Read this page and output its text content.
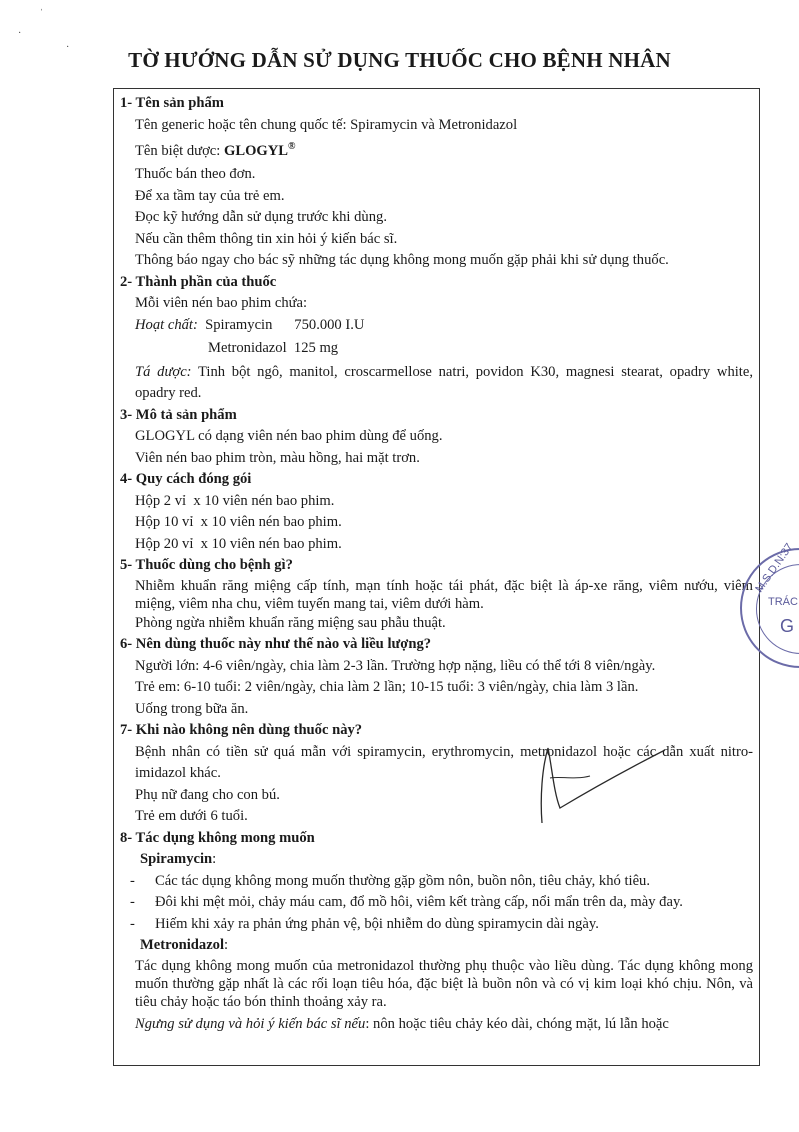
TỜ HƯỚNG DẪN SỬ DỤNG THUỐC CHO BỆNH NHÂN
1- Tên sản phẩm
Tên generic hoặc tên chung quốc tế: Spiramycin và Metronidazol
Tên biệt dược: GLOGYL®
Thuốc bán theo đơn.
Để xa tầm tay của trẻ em.
Đọc kỹ hướng dẫn sử dụng trước khi dùng.
Nếu cần thêm thông tin xin hỏi ý kiến bác sĩ.
Thông báo ngay cho bác sỹ những tác dụng không mong muốn gặp phải khi sử dụng thuốc.
2- Thành phần của thuốc
Mỗi viên nén bao phim chứa:
Hoạt chất: Spiramycin      750.000 I.U
Metronidazol  125 mg
Tá dược: Tinh bột ngô, manitol, croscarmellose natri, povidon K30, magnesi stearat, opadry white, opadry red.
3- Mô tả sản phẩm
GLOGYL có dạng viên nén bao phim dùng để uống.
Viên nén bao phim tròn, màu hồng, hai mặt trơn.
4- Quy cách đóng gói
Hộp 2 vỉ  x 10 viên nén bao phim.
Hộp 10 vỉ  x 10 viên nén bao phim.
Hộp 20 vỉ  x 10 viên nén bao phim.
5- Thuốc dùng cho bệnh gì?
Nhiễm khuẩn răng miệng cấp tính, mạn tính hoặc tái phát, đặc biệt là áp-xe răng, viêm nướu, viêm miệng, viêm nha chu, viêm tuyến mang tai, viêm dưới hàm.
Phòng ngừa nhiễm khuẩn răng miệng sau phẫu thuật.
6- Nên dùng thuốc này như thế nào và liều lượng?
Người lớn: 4-6 viên/ngày, chia làm 2-3 lần. Trường hợp nặng, liều có thể tới 8 viên/ngày.
Trẻ em: 6-10 tuổi: 2 viên/ngày, chia làm 2 lần; 10-15 tuổi: 3 viên/ngày, chia làm 3 lần.
Uống trong bữa ăn.
7- Khi nào không nên dùng thuốc này?
Bệnh nhân có tiền sử quá mẫn với spiramycin, erythromycin, metronidazol hoặc các dẫn xuất nitro-imidazol khác.
Phụ nữ đang cho con bú.
Trẻ em dưới 6 tuổi.
8- Tác dụng không mong muốn
Spiramycin:
- Các tác dụng không mong muốn thường gặp gồm nôn, buồn nôn, tiêu chảy, khó tiêu.
- Đôi khi mệt mỏi, chảy máu cam, đổ mồ hôi, viêm kết tràng cấp, nổi mẩn trên da, mày đay.
- Hiếm khi xảy ra phản ứng phản vệ, bội nhiễm do dùng spiramycin dài ngày.
Metronidazol:
Tác dụng không mong muốn của metronidazol thường phụ thuộc vào liều dùng. Tác dụng không mong muốn thường gặp nhất là các rối loạn tiêu hóa, đặc biệt là buồn nôn và có vị kim loại khó chịu. Nôn, và tiêu chảy hoặc táo bón thỉnh thoảng xảy ra.
Ngưng sử dụng và hỏi ý kiến bác sĩ nếu: nôn hoặc tiêu chảy kéo dài, chóng mặt, lú lẫn hoặc
M.S.D.N:37
TRÁC
G
ˈ
·
·
